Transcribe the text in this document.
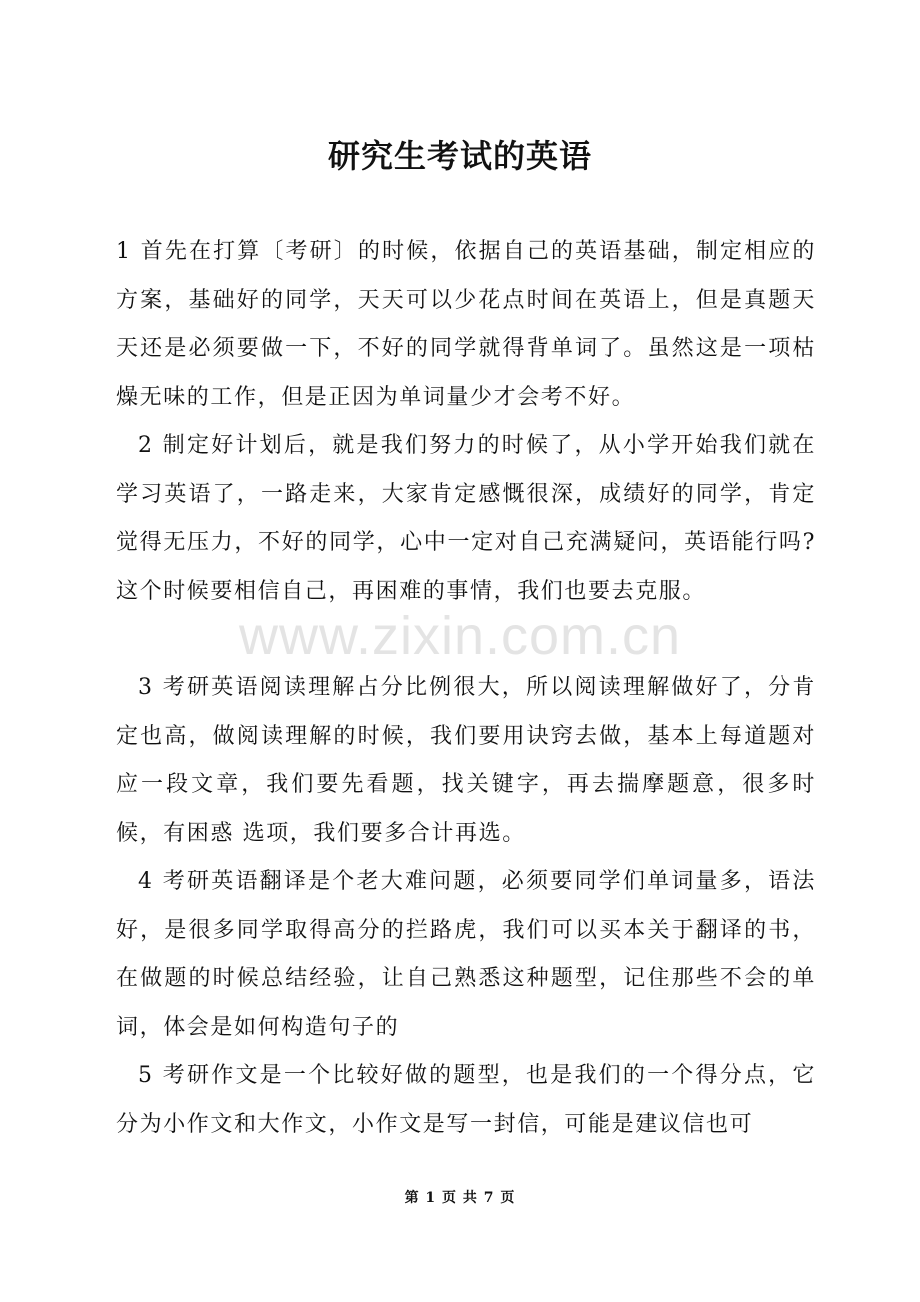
研究生考试的英语

1 首先在打算〔考研〕的时候，依据自己的英语基础，制定相应的方案，基础好的同学，天天可以少花点时间在英语上，但是真题天天还是必须要做一下，不好的同学就得背单词了。虽然这是一项枯燥无味的工作，但是正因为单词量少才会考不好。

2 制定好计划后，就是我们努力的时候了，从小学开始我们就在学习英语了，一路走来，大家肯定感慨很深，成绩好的同学，肯定觉得无压力，不好的同学，心中一定对自己充满疑问，英语能行吗?这个时候要相信自己，再困难的事情，我们也要去克服。

3 考研英语阅读理解占分比例很大，所以阅读理解做好了，分肯定也高，做阅读理解的时候，我们要用诀窍去做，基本上每道题对应一段文章，我们要先看题，找关键字，再去揣摩题意，很多时候，有困惑 选项，我们要多合计再选。

4 考研英语翻译是个老大难问题，必须要同学们单词量多，语法好，是很多同学取得高分的拦路虎，我们可以买本关于翻译的书，在做题的时候总结经验，让自己熟悉这种题型，记住那些不会的单词，体会是如何构造句子的

5 考研作文是一个比较好做的题型，也是我们的一个得分点，它分为小作文和大作文，小作文是写一封信，可能是建议信也可

www.zixin.com.cn
第 1 页 共 7 页
